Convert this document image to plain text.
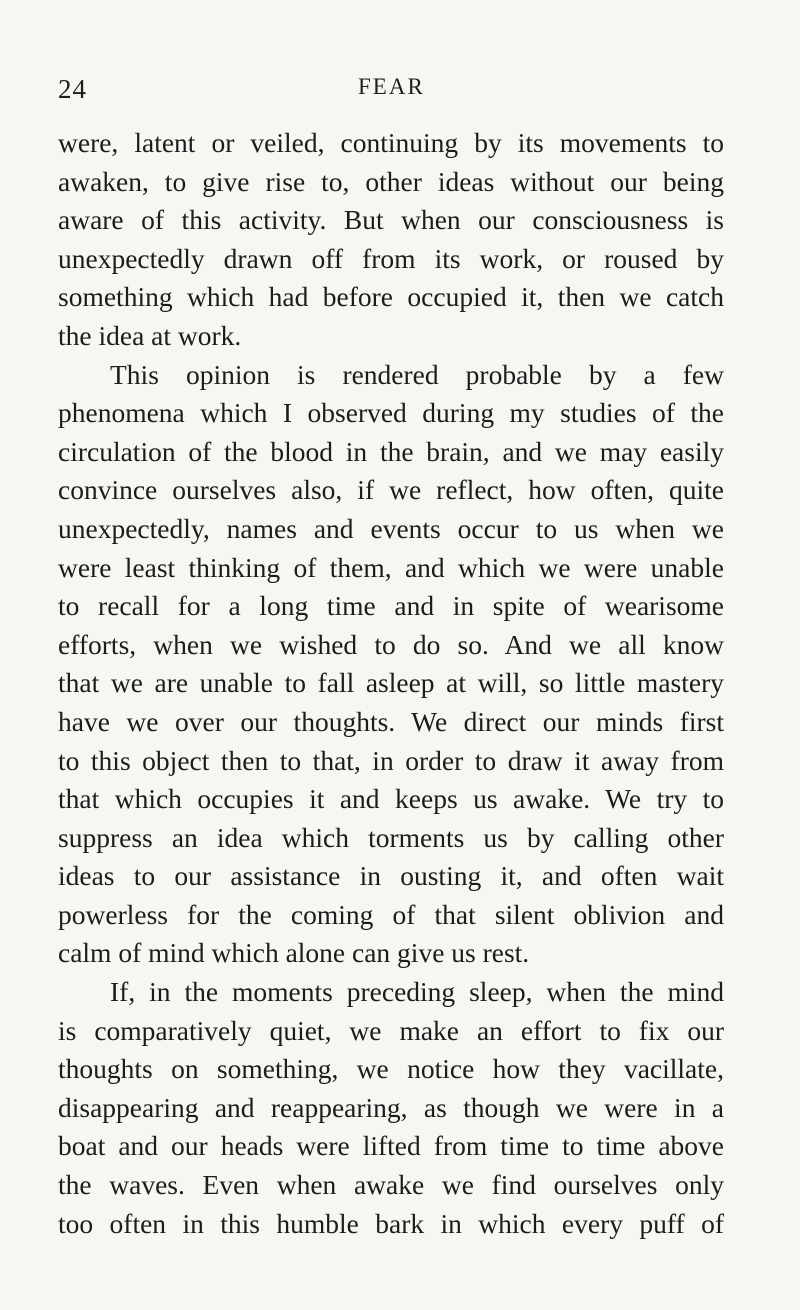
24	FEAR
were, latent or veiled, continuing by its movements to
awaken, to give rise to, other ideas without our being
aware of this activity. But when our consciousness is
unexpectedly drawn off from its work, or roused by
something which had before occupied it, then we catch
the idea at work.
This opinion is rendered probable by a few
phenomena which I observed during my studies of the
circulation of the blood in the brain, and we may easily
convince ourselves also, if we reflect, how often, quite
unexpectedly, names and events occur to us when we
were least thinking of them, and which we were unable
to recall for a long time and in spite of wearisome
efforts, when we wished to do so. And we all know
that we are unable to fall asleep at will, so little mastery
have we over our thoughts. We direct our minds first
to this object then to that, in order to draw it away from
that which occupies it and keeps us awake. We try to
suppress an idea which torments us by calling other
ideas to our assistance in ousting it, and often wait
powerless for the coming of that silent oblivion and
calm of mind which alone can give us rest.
If, in the moments preceding sleep, when the mind
is comparatively quiet, we make an effort to fix our
thoughts on something, we notice how they vacillate,
disappearing and reappearing, as though we were in a
boat and our heads were lifted from time to time above
the waves. Even when awake we find ourselves only
too often in this humble bark in which every puff of
